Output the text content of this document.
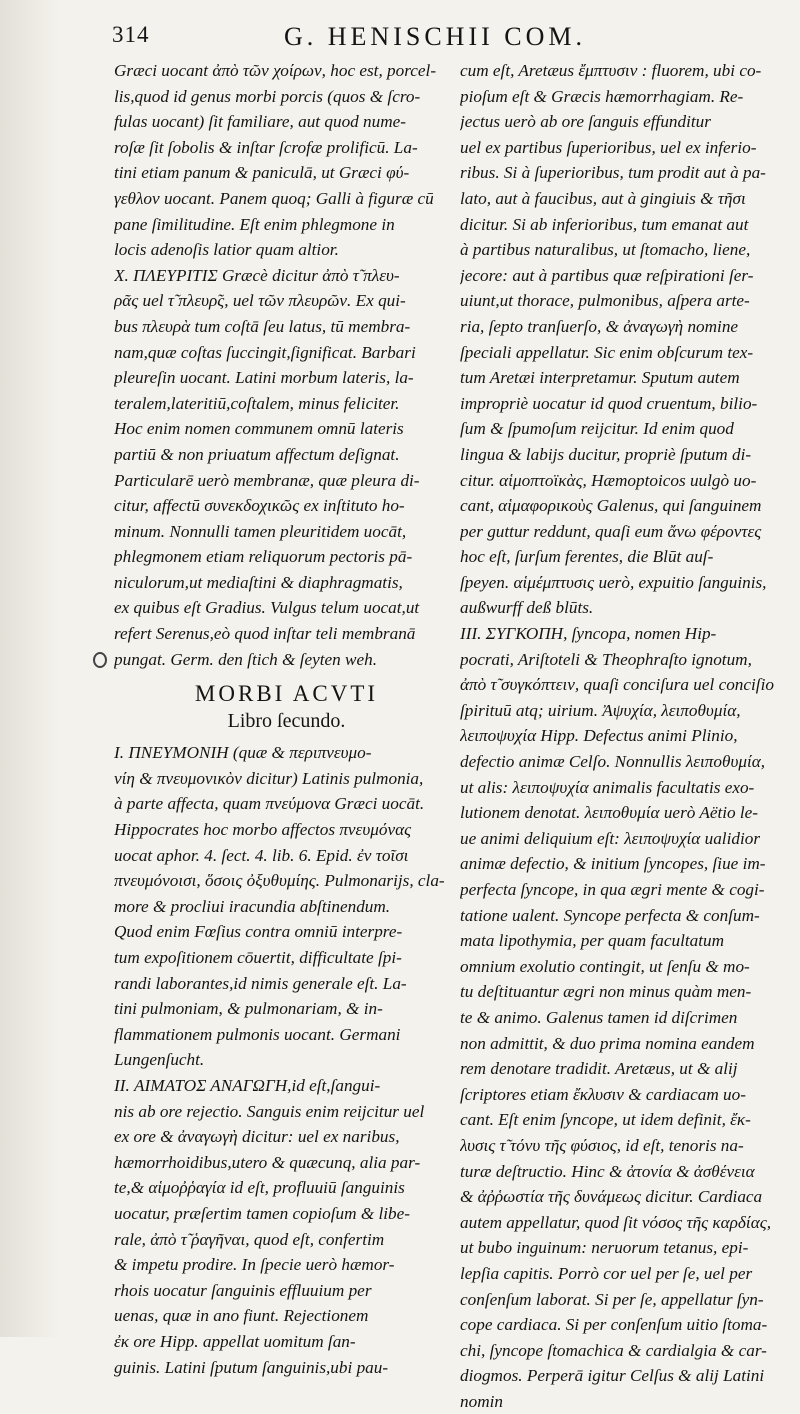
314	G. HENISCHII COM.
Græci uocant ἀπὸ τῶν χοίρων, hoc est, porcel-
lis,quod id genus morbi porcis (quos & ſcro-
fulas uocant) ſit familiare, aut quod nume-
roſæ ſit ſobolis & inſtar ſcrofæ prolificū. La-
tini etiam panum & paniculā, ut Græci φύ-
γεθλον uocant. Panem quoq; Galli à figuræ cū
pane ſimilitudine. Eſt enim phlegmone in
locis adenoſis latior quam altior.
X. ΠΛΕΥΡΙΤΙΣ Græcè dicitur ἀπὸ τ̃ πλευ-
ρᾶς uel τ̃ πλευρ̃ς, uel τῶν πλευρῶν. Ex qui-
bus πλευρὰ tum coſtā ſeu latus, tū membra-
nam,quæ coſtas ſuccingit,ſignificat. Barbari
pleureſin uocant. Latini morbum lateris, la-
teralem,lateritiū,coſtalem, minus feliciter.
Hoc enim nomen communem omnū lateris
partiū & non priuatum affectum deſignat.
Particularē uerò membranæ, quæ pleura di-
citur, affectū συνεκδοχικῶς ex inſtituto ho-
minum. Nonnulli tamen pleuritidem uocāt,
phlegmonem etiam reliquorum pectoris pā-
niculorum,ut mediaſtini & diaphragmatis,
ex quibus eſt Gradius. Vulgus telum uocat,ut
refert Serenus,eò quod inſtar teli membranā
pungat. Germ. den ſtich & ſeyten weh.
MORBI ACVTI
Libro ſecundo.
I. ΠΝΕΥΜΟΝΙΗ (quæ & περιπνευμο-
νίη & πνευμονικὸν dicitur) Latinis pulmonia,
à parte affecta, quam πνεύμονα Græci uocāt.
Hippocrates hoc morbo affectos πνευμόνας
uocat aphor. 4. ſect. 4. lib. 6. Epid. ἐν τοῖσι
πνευμόνοισι, ὅσοις ὀξυθυμίης. Pulmonarijs, cla-
more & procliui iracundia abſtinendum.
Quod enim Fœſius contra omniū interpre-
tum expoſitionem cōuertit, difficultate ſpi-
randi laborantes,id nimis generale eſt. La-
tini pulmoniam, & pulmonariam, & in-
flammationem pulmonis uocant. Germani
Lungenſucht.
II. ΑΙΜΑΤΟΣ ΑΝΑΓΩΓΗ,id eſt,ſangui-
nis ab ore rejectio. Sanguis enim reijcitur uel
ex ore & ἀναγωγὴ dicitur: uel ex naribus,
hæmorrhoidibus,utero & quæcunq, alia par-
te,& αἱμοῤῥαγία id eſt, profluuiū ſanguinis
uocatur, præſertim tamen copioſum & libe-
rale, ἀπὸ τ̃ ῥαγῆναι, quod eſt, confertim
& impetu prodire. In ſpecie uerò hæmor-
rhois uocatur ſanguinis effluuium per
uenas, quæ in ano fiunt. Rejectionem
ἐκ ore Hipp. appellat uomitum ſan-
guinis. Latini ſputum ſanguinis,ubi pau-
cum eſt, Aretæus ἔμπτυσιν : fluorem, ubi co-
pioſum eſt & Græcis hæmorrhagiam. Re-
jectus uerò ab ore ſanguis effunditur
uel ex partibus ſuperioribus, uel ex inferio-
ribus. Si à ſuperioribus, tum prodit aut à pa-
lato, aut à faucibus, aut à gingiuis & τῆσι
dicitur. Si ab inferioribus, tum emanat aut
à partibus naturalibus, ut ſtomacho, liene,
jecore: aut à partibus quæ reſpirationi ſer-
uiunt,ut thorace, pulmonibus, aſpera arte-
ria, ſepto tranſuerſo, & ἀναγωγὴ nomine
ſpeciali appellatur. Sic enim obſcurum tex-
tum Aretæi interpretamur. Sputum autem
impropriè uocatur id quod cruentum, bilio-
ſum & ſpumoſum reijcitur. Id enim quod
lingua & labijs ducitur, propriè ſputum di-
citur. αἱμοπτοϊκὰς, Hæmoptoicos uulgò uo-
cant, αἱμαφορικοὺς Galenus, qui ſanguinem
per guttur reddunt, quaſi eum ἄνω φέροντες
hoc eſt, ſurſum ferentes, die Blūt auſ-
ſpeyen. αἱμέμπτυσις uerò, expuitio ſanguinis,
außwurff deß blūts.
III. ΣΥΓΚΟΠΗ, ſyncopa, nomen Hip-
pocrati, Ariſtoteli & Theophraſto ignotum,
ἀπὸ τ̃ συγκόπτειν, quaſi conciſura uel conciſio
ſpirituū atq; uirium. Ἀψυχία, λειποθυμία,
λειποψυχία Hipp. Defectus animi Plinio,
defectio animæ Celſo. Nonnullis λειποθυμία,
ut alis: λειποψυχία animalis facultatis exo-
lutionem denotat. λειποθυμία uerò Aëtio le-
ue animi deliquium eſt: λειποψυχία ualidior
animæ defectio, & initium ſyncopes, ſiue im-
perfecta ſyncope, in qua ægri mente & cogi-
tatione ualent. Syncope perfecta & conſum-
mata lipothymia, per quam facultatum
omnium exolutio contingit, ut ſenſu & mo-
tu deſtituantur ægri non minus quàm men-
te & animo. Galenus tamen id diſcrimen
non admittit, & duo prima nomina eandem
rem denotare tradidit. Aretæus, ut & alij
ſcriptores etiam ἔκλυσιν & cardiacam uo-
cant. Eſt enim ſyncope, ut idem definit, ἔκ-
λυσις τ̃ τόνυ τῆς φύσιος, id eſt, tenoris na-
turæ deſtructio. Hinc & ἀτονία & ἀσθένεια
& ἀῤῥωστία τῆς δυνάμεως dicitur. Cardiaca
autem appellatur, quod ſit νόσος τῆς καρδίας,
ut bubo inguinum: neruorum tetanus, epi-
lepſia capitis. Porrò cor uel per ſe, uel per
conſenſum laborat. Si per ſe, appellatur ſyn-
cope cardiaca. Si per conſenſum uitio ſtoma-
chi, ſyncope ſtomachica & cardialgia & car-
diogmos. Perperā igitur Celſus & alij Latini
nomin
